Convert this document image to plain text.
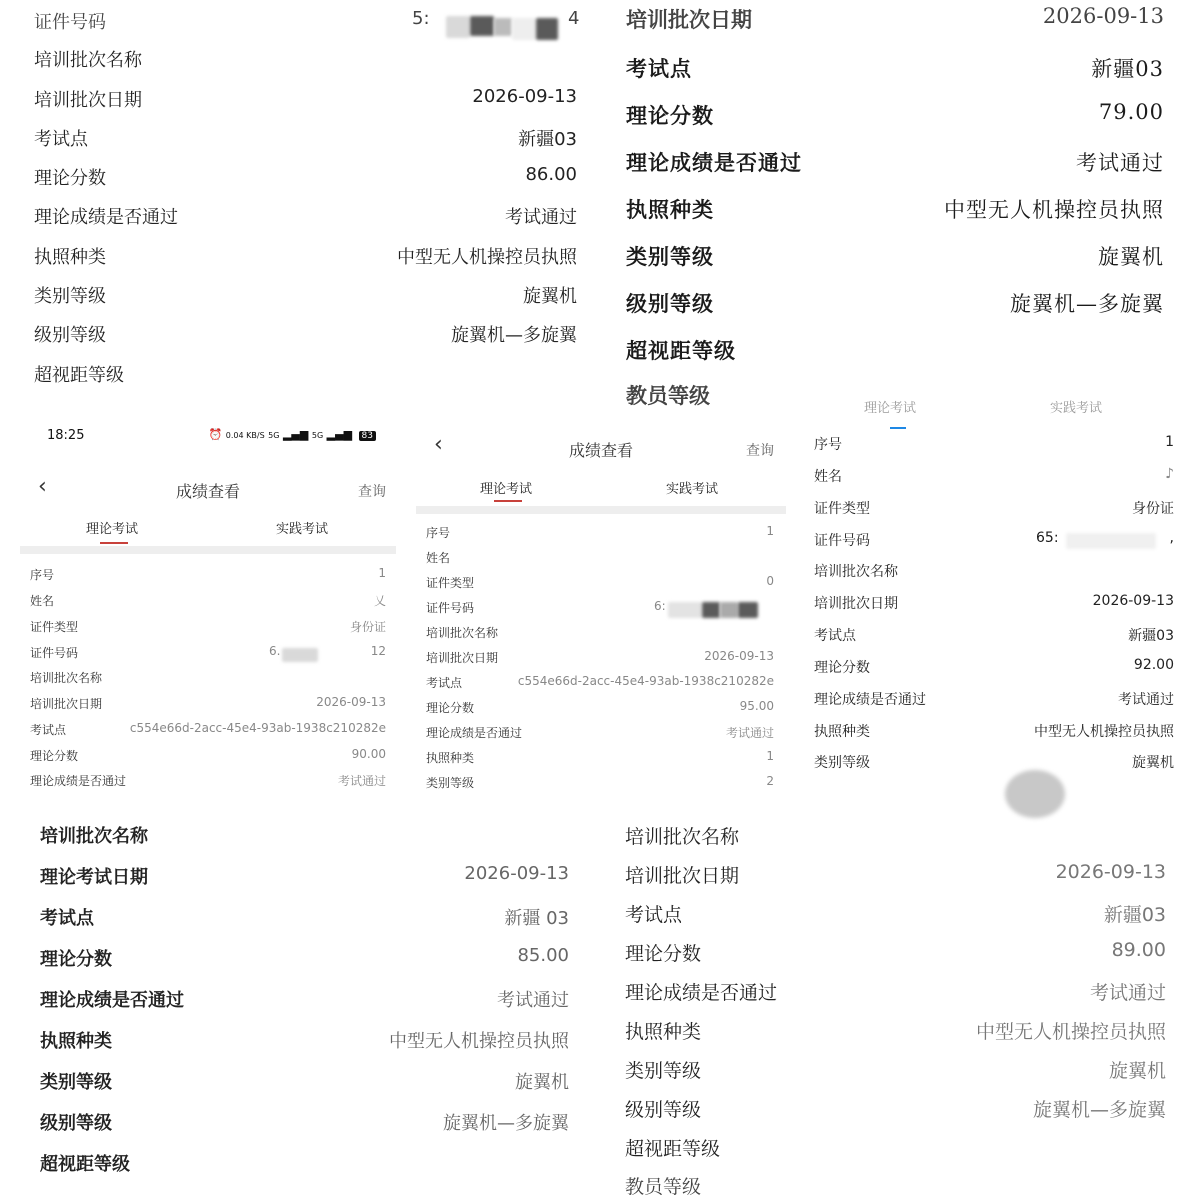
证件号码	5:	4
培训批次名称
培训批次日期	2026-09-13
考试点	新疆03
理论分数	86.00
理论成绩是否通过	考试通过
执照种类	中型无人机操控员执照
类别等级	旋翼机
级别等级	旋翼机—多旋翼
超视距等级
培训批次日期	2026-09-13
考试点	新疆03
理论分数	79.00
理论成绩是否通过	考试通过
执照种类	中型无人机操控员执照
类别等级	旋翼机
级别等级	旋翼机—多旋翼
超视距等级
教员等级
18:25	⏰ 0.04 KB/S 5G ▂▄▆ 5G ▂▄▆ 83
‹	成绩查看	查询
理论考试	实践考试
序号	1
姓名	乂
证件类型	身份证
证件号码	6.	12
培训批次名称
培训批次日期	2026-09-13
考试点	c554e66d-2acc-45e4-93ab-1938c210282e
理论分数	90.00
理论成绩是否通过	考试通过
‹	成绩查看	查询
理论考试	实践考试
序号	1
姓名
证件类型	0
证件号码	6:
培训批次名称
培训批次日期	2026-09-13
考试点	c554e66d-2acc-45e4-93ab-1938c210282e
理论分数	95.00
理论成绩是否通过	考试通过
执照种类	1
类别等级	2
理论考试	实践考试
序号	1
姓名	♪
证件类型	身份证
证件号码	65:	,
培训批次名称
培训批次日期	2026-09-13
考试点	新疆03
理论分数	92.00
理论成绩是否通过	考试通过
执照种类	中型无人机操控员执照
类别等级	旋翼机
培训批次名称
理论考试日期	2026-09-13
考试点	新疆 03
理论分数	85.00
理论成绩是否通过	考试通过
执照种类	中型无人机操控员执照
类别等级	旋翼机
级别等级	旋翼机—多旋翼
超视距等级
培训批次名称
培训批次日期	2026-09-13
考试点	新疆03
理论分数	89.00
理论成绩是否通过	考试通过
执照种类	中型无人机操控员执照
类别等级	旋翼机
级别等级	旋翼机—多旋翼
超视距等级
教员等级
